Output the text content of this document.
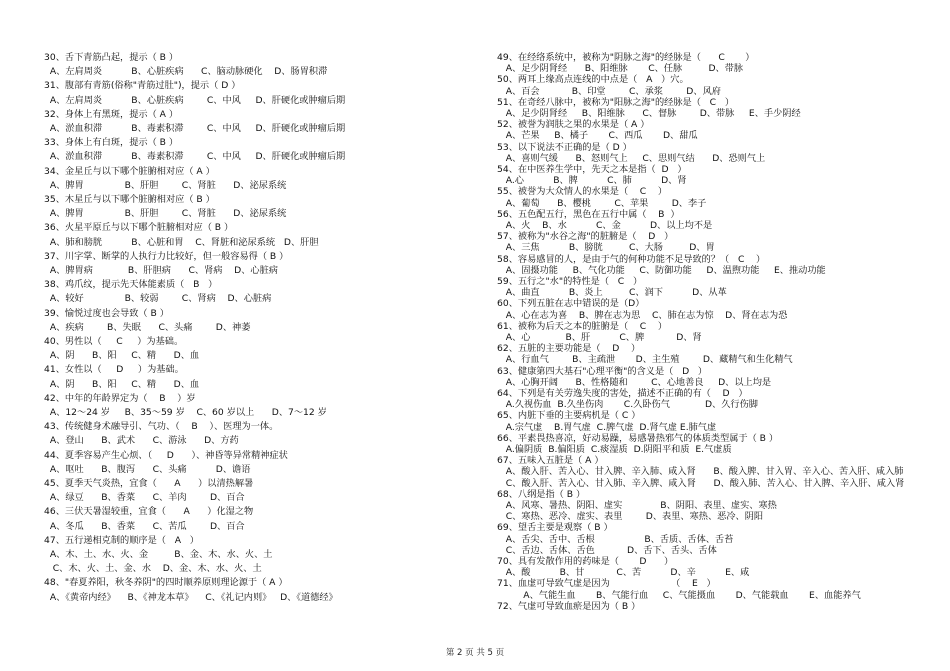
30、舌下青筋凸起，提示（ B ）
A、左肩周炎          B、心脏疾病      C、脑动脉硬化    D、肠胃积滞
31、腹部有青筋(俗称"青筋过肚")，提示（ D ）
A、左肩周炎          B、心脏疾病        C、中风     D、肝硬化或肿瘤后期
32、身体上有黑斑，提示（ A ）
A、淤血积滞          B、毒素积滞        C、中风     D、肝硬化或肿瘤后期
33、身体上有白斑，提示（ B ）
A、淤血积滞          B、毒素积滞        C、中风     D、肝硬化或肿瘤后期
34、金星丘与以下哪个脏腑相对应（ A ）
A、脾胃              B、肝胆        C、肾脏      D、泌尿系统
35、木星丘与以下哪个脏腑相对应（ B ）
A、脾胃              B、肝胆        C、肾脏      D、泌尿系统
36、火星平原丘与以下哪个脏腑相对应（ B ）
A、肺和膀胱          B、心脏和胃    C、肾脏和泌尿系统   D、肝胆
37、川字掌、断掌的人执行力比较好，但一般容易得（ B ）
A、脾胃病            B、肝胆病      C、肾病    D、心脏病
38、鸡爪纹，提示先天体能素质（   B   ）
A、较好              B、较弱        C、肾病    D、心脏病
39、愉悦过度也会导致（ B ）
A、疾病        B、失眠      C、头痛        D、神萎
40、男性以（     C     ）为基础。
A、阴      B、阳     C、精      D、血
41、女性以（     D     ）为基础。
A、阴      B、阳     C、精      D、血
42、中年的年龄界定为（    B    ）岁
A、12～24 岁     B、35～59 岁    C、60 岁以上      D、7～12 岁
43、传统健身术融导引、气功、（    B    ）、医理为一体。
A、登山      B、武术      C、游泳      D、方药
44、夏季容易产生心烦、（     D      ）、神昏等异常精神症状
A、呕吐      B、腹泻      C、头痛          D、谵语
45、夏季天气炎热，宜食（      A      ）以清热解暑
A、绿豆      B、香菜      C、羊肉        D、百合
46、三伏天暑湿较重，宜食（      A      ）化湿之物
A、冬瓜      B、香菜      C、苦瓜        D、百合
47、五行递相克制的顺序是（   A   ）
A、木、土、水、火、金         B、金、木、水、火、土
C、木、火、土、金、水    D、金、木、水、火、土
48、"春夏养阳，秋冬养阴"的四时顺养原则理论源于（ A ）
A、《黄帝内经》    B、《神龙本草》    C、《礼记内则》   D、《道德经》
49、在经络系统中，被称为"阴脉之海"的经脉是（      C       ）
A、足少阴肾经      B、阳维脉       C、任脉         D、带脉
50、两耳上缘高点连线的中点是（   A   ）穴。
A、百会           B、印堂        C、承浆        D、风府
51、在奇经八脉中，被称为"阳脉之海"的经脉是（   C   ）
A、足少阴肾经     B、阳维脉      C、督脉        D、带脉     E、手少阴经
52、被誉为润肤之果的水果是（ A ）
A、芒果     B、橘子       C、西瓜       D、甜瓜
53、以下说法不正确的是（ D ）
A、喜则气缓      B、怒则气上     C、思则气结      D、恐则气上
54、在中医养生学中，先天之本是指（  D   ）
A.心          B、脾          C、肺          D、肾
55、被誉为大众情人的水果是（    C    ）
A、葡萄      B、樱桃        C、苹果        D、李子
56、五色配五行，黑色在五行中属（    B  ）
A、火    B、水          C、金          D、以上均不是
57、被称为"水谷之海"的脏腑是（    D   ）
A、三焦          B、膀胱         C、大肠         D、胃
58、容易感冒的人，是由于气的何种功能不足导致的？（   C    ）
A、固摄功能     B、气化功能     C、防御功能     D、温煦功能     E、推动功能
59、五行之"水"的特性是（   C   ）
A、曲直          B、炎上         C、润下          D、从革
60、下列五脏在志中错误的是（D）
A、心在志为喜    B、脾在志为思    C、肺在志为惊    D、肾在志为恐
61、被称为后天之本的脏腑是（    C    ）
A、心            B、肝          C、脾           D、肾
62、五脏的主要功能是（    D    ）
A、行血气        B、主疏泄       D、主生殖        D、藏精气和生化精气
63、健康第四大基石"心理平衡"的含义是（   D   ）
A、心胸开阔      B、性格随和        C、心地善良     D、以上均是
64、下列是有关劳逸失度的害处，描述不正确的有（    D   ）
A.久视伤血  B.久坐伤肉       C.久卧伤气            D、久行伤脚
65、内脏下垂的主要病机是（ C ）
A.宗气虚    B.胃气虚  C.脾气虚  D.肾气虚 E.肺气虚
66、平素畏热喜凉，好动易躁，易感暑热邪气的体质类型属于（ B ）
A.偏阴质  B.偏阳质  C.痰湿质  D.阴阳平和质  E.气虚质
67、五味入五脏是（ A ）
A、酸入肝、苦入心、甘入脾、辛入肺、咸入肾      B、酸入脾、甘入胃、辛入心、苦入肝、咸入肺
C、酸入肝、苦入心、甘入肺、辛入脾、咸入肾      D、酸入肺、苦入心、甘入脾、辛入肝、咸入肾
68、八纲是指（ B ）
A、风寒、暑热、阴阳、虚实             B、阴阳、表里、虚实、寒热
C、寒热、恶冷、虚实、表里        D、表里、寒热、恶冷、阴阳
69、望舌主要是观察（ B ）
A、舌尖、舌中、舌根                 B、舌质、舌体、舌苔
C、舌边、舌体、舌色           D、舌下、舌头、舌体
70、具有发散作用的药味是（       D      ）
A、酸          B、甘           C、苦          D、辛          E、咸
71、血虚可导致气虚是因为                     （    E   ）
A、气能生血       B、气能行血     C、气能摄血       D、气能载血       E、血能养气
72、气虚可导致血瘀是因为（ B ）
第 2 页 共 5 页
